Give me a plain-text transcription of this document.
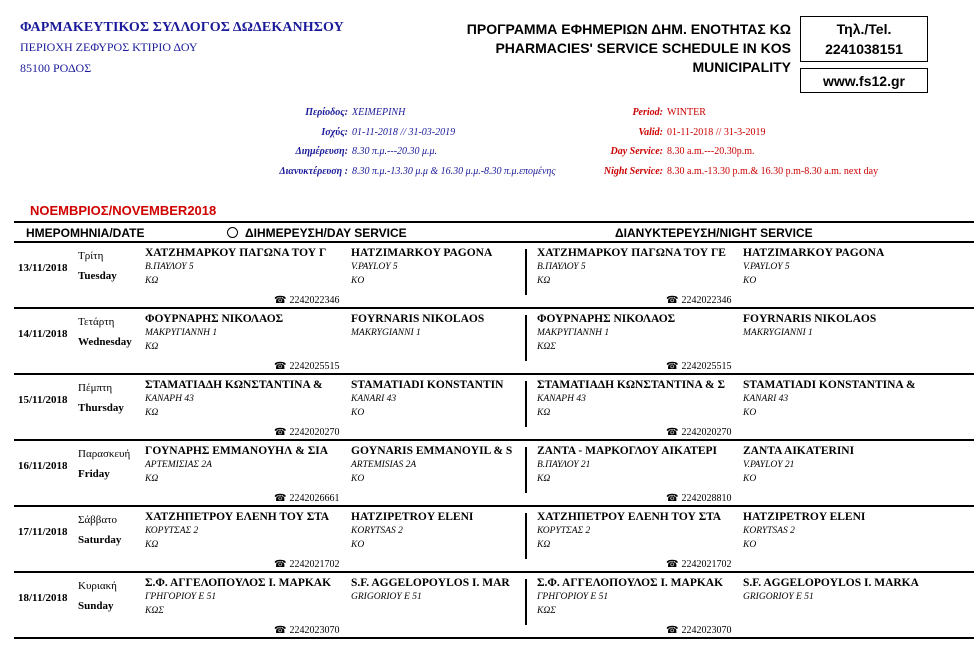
ΦΑΡΜΑΚΕΥΤΙΚΟΣ ΣΥΛΛΟΓΟΣ ΔΩΔΕΚΑΝΗΣΟΥ
ΠΕΡΙΟΧΗ ΖΕΦΥΡΟΣ ΚΤΙΡΙΟ ΔΟΥ
85100 ΡΟΔΟΣ
ΠΡΟΓΡΑΜΜΑ ΕΦΗΜΕΡΙΩΝ ΔΗΜ. ΕΝΟΤΗΤΑΣ ΚΩ
PHARMACIES' SERVICE SCHEDULE IN KOS
MUNICIPALITY
Τηλ./Tel.
2241038151
www.fs12.gr
Περίοδος: ΧΕΙΜΕΡΙΝΗ
Ισχύς: 01-11-2018 // 31-03-2019
Διημέρευση: 8.30 π.μ.---20.30 μ.μ.
Διανυκτέρευση : 8.30 π.μ.-13.30 μ.μ & 16.30 μ.μ.-8.30 π.μ.επομένης
Period: WINTER
Valid: 01-11-2018 // 31-3-2019
Day Service: 8.30 a.m.---20.30p.m.
Night Service: 8.30 a.m.-13.30 p.m.& 16.30 p.m-8.30 a.m. next day
ΝΟΕΜΒΡΙΟΣ/NOVEMBER2018
ΗΜΕΡΟΜΗΝΙΑ/DATE	ΔΙΗΜΕΡΕΥΣΗ/DAY SERVICE	ΔΙΑΝΥΚΤΕΡΕΥΣΗ/NIGHT SERVICE
13/11/2018
Τρίτη
Tuesday
ΧΑΤΖΗΜΑΡΚΟΥ ΠΑΓΩΝΑ ΤΟΥ Γ
Β.ΠΑΥΛΟΥ 5
ΚΩ
HATZIMARKOY PAGONA
V.PAYLOY 5
KO
☎ 2242022346
ΧΑΤΖΗΜΑΡΚΟΥ ΠΑΓΩΝΑ ΤΟΥ ΓΕ
Β.ΠΑΥΛΟΥ 5
ΚΩ
HATZIMARKOY PAGONA
V.PAYLOY 5
KO
☎ 2242022346
14/11/2018
Τετάρτη
Wednesday
ΦΟΥΡΝΑΡΗΣ ΝΙΚΟΛΑΟΣ
ΜΑΚΡΥΓΙΑΝΝΗ 1
ΚΩ
FOYRNARIS NIKOLAOS
MAKRYGIANNI 1
☎ 2242025515
ΦΟΥΡΝΑΡΗΣ ΝΙΚΟΛΑΟΣ
ΜΑΚΡΥΓΙΑΝΝΗ 1
ΚΩΣ
FOYRNARIS NIKOLAOS
MAKRYGIANNI 1
☎ 2242025515
15/11/2018
Πέμπτη
Thursday
ΣΤΑΜΑΤΙΑΔΗ ΚΩΝΣΤΑΝΤΙΝΑ &
ΚΑΝΑΡΗ 43
ΚΩ
STAMATIADI KONSTANTIN
KANARI 43
KO
☎ 2242020270
ΣΤΑΜΑΤΙΑΔΗ ΚΩΝΣΤΑΝΤΙΝΑ & Σ
ΚΑΝΑΡΗ 43
ΚΩ
STAMATIADI KONSTANTINA &
KANARI 43
KO
☎ 2242020270
16/11/2018
Παρασκευή
Friday
ΓΟΥΝΑΡΗΣ ΕΜΜΑΝΟΥΗΛ & ΣΙΑ
ΑΡΤΕΜΙΣΙΑΣ 2Α
ΚΩ
GOYNARIS EMMANOYIL & S
ARTEMISIAS 2A
KO
☎ 2242026661
ΖΑΝΤΑ - ΜΑΡΚΟΓΛΟΥ ΑΙΚΑΤΕΡΙ
Β.ΠΑΥΛΟΥ 21
ΚΩ
ZANTA AIKATERINI
V.PAYLOY 21
KO
☎ 2242028810
17/11/2018
Σάββατο
Saturday
ΧΑΤΖΗΠΕΤΡΟΥ ΕΛΕΝΗ ΤΟΥ ΣΤΑ
ΚΟΡΥΤΣΑΣ 2
ΚΩ
HATZIPETROY ELENI
KORYTSAS 2
KO
☎ 2242021702
ΧΑΤΖΗΠΕΤΡΟΥ ΕΛΕΝΗ ΤΟΥ ΣΤΑ
ΚΟΡΥΤΣΑΣ 2
ΚΩ
HATZIPETROY ELENI
KORYTSAS 2
KO
☎ 2242021702
18/11/2018
Κυριακή
Sunday
Σ.Φ. ΑΓΓΕΛΟΠΟΥΛΟΣ Ι. ΜΑΡΚΑΚ
ΓΡΗΓΟΡΙΟΥ Ε 51
ΚΩΣ
S.F. AGGELOPOYLOS I. MAR
GRIGORIOY E 51
☎ 2242023070
Σ.Φ. ΑΓΓΕΛΟΠΟΥΛΟΣ Ι. ΜΑΡΚΑΚ
ΓΡΗΓΟΡΙΟΥ Ε 51
ΚΩΣ
S.F. AGGELOPOYLOS I. MARKA
GRIGORIOY E 51
☎ 2242023070
